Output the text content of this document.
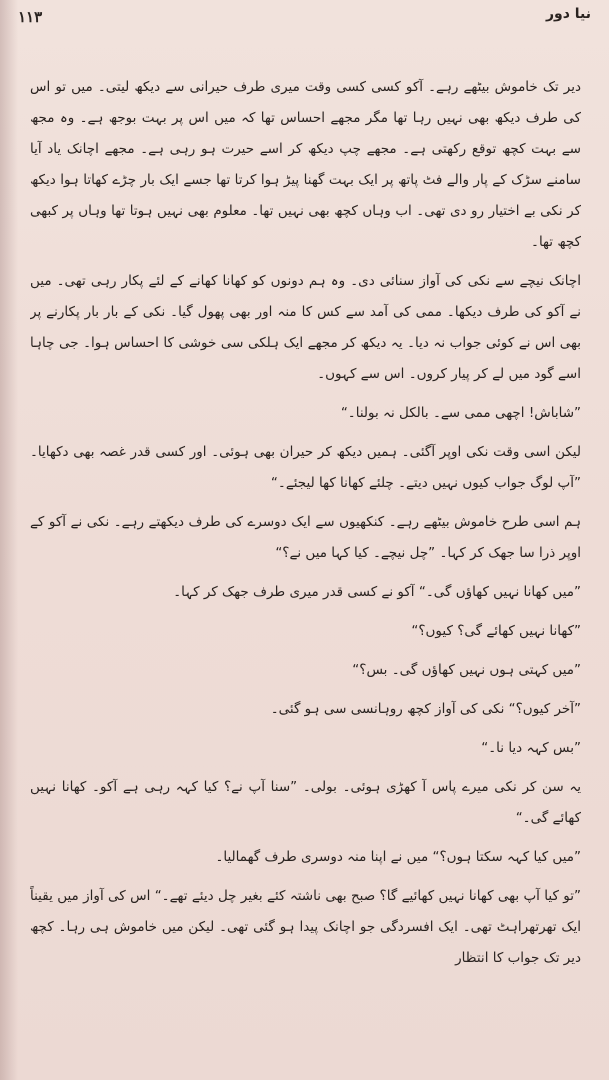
۱۱۳	نیا دور

دیر تک خاموش بیٹھے رہے۔ آکو کسی کسی وقت میری طرف حیرانی سے دیکھ لیتی۔ میں تو اس کی طرف دیکھ بھی نہیں رہا تھا مگر مجھے احساس تھا کہ میں اس پر بہت بوجھ ہے۔ وہ مجھ سے بہت کچھ توقع رکھتی ہے۔ مجھے چپ دیکھ کر اسے حیرت ہو رہی ہے۔ مجھے اچانک یاد آیا سامنے سڑک کے پار والے فٹ پاتھ پر ایک بہت گھنا پیڑ ہوا کرتا تھا جسے ایک بار چڑے کھاتا ہوا دیکھ کر نکی بے اختیار رو دی تھی۔ اب وہاں کچھ بھی نہیں تھا۔ معلوم بھی نہیں ہوتا تھا وہاں پر کبھی کچھ تھا۔

اچانک نیچے سے نکی کی آواز سنائی دی۔ وہ ہم دونوں کو کھانا کھانے کے لئے پکار رہی تھی۔ میں نے آکو کی طرف دیکھا۔ ممی کی آمد سے کس کا منہ اور بھی پھول گیا۔ نکی کے بار بار پکارنے پر بھی اس نے کوئی جواب نہ دیا۔ یہ دیکھ کر مجھے ایک ہلکی سی خوشی کا احساس ہوا۔ جی چاہا اسے گود میں لے کر پیار کروں۔ اس سے کہوں۔

”شاباش! اچھی ممی سے۔ بالکل نہ بولنا۔“

لیکن اسی وقت نکی اوپر آگئی۔ ہمیں دیکھ کر حیران بھی ہوئی۔ اور کسی قدر غصہ بھی دکھایا۔ ”آپ لوگ جواب کیوں نہیں دیتے۔ چلئے کھانا کھا لیجئے۔“

ہم اسی طرح خاموش بیٹھے رہے۔ کنکھیوں سے ایک دوسرے کی طرف دیکھتے رہے۔ نکی نے آکو کے اوپر ذرا سا جھک کر کہا۔ ”چل نیچے۔ کیا کہا میں نے؟“

”میں کھانا نہیں کھاؤں گی۔“ آکو نے کسی قدر میری طرف جھک کر کہا۔

”کھانا نہیں کھائے گی؟ کیوں؟“

”میں کہتی ہوں نہیں کھاؤں گی۔ بس؟“

”آخر کیوں؟“ نکی کی آواز کچھ روہانسی سی ہو گئی۔

”بس کہہ دیا نا۔“

یہ سن کر نکی میرے پاس آ کھڑی ہوئی۔ بولی۔ ”سنا آپ نے؟ کیا کہہ رہی ہے آکو۔ کھانا نہیں کھائے گی۔“

”میں کیا کہہ سکتا ہوں؟“ میں نے اپنا منہ دوسری طرف گھمالیا۔

”تو کیا آپ بھی کھانا نہیں کھائیے گا؟ صبح بھی ناشتہ کئے بغیر چل دیئے تھے۔“ اس کی آواز میں یقیناً ایک تھرتھراہٹ تھی۔ ایک افسردگی جو اچانک پیدا ہو گئی تھی۔ لیکن میں خاموش ہی رہا۔ کچھ دیر تک جواب کا انتظار
